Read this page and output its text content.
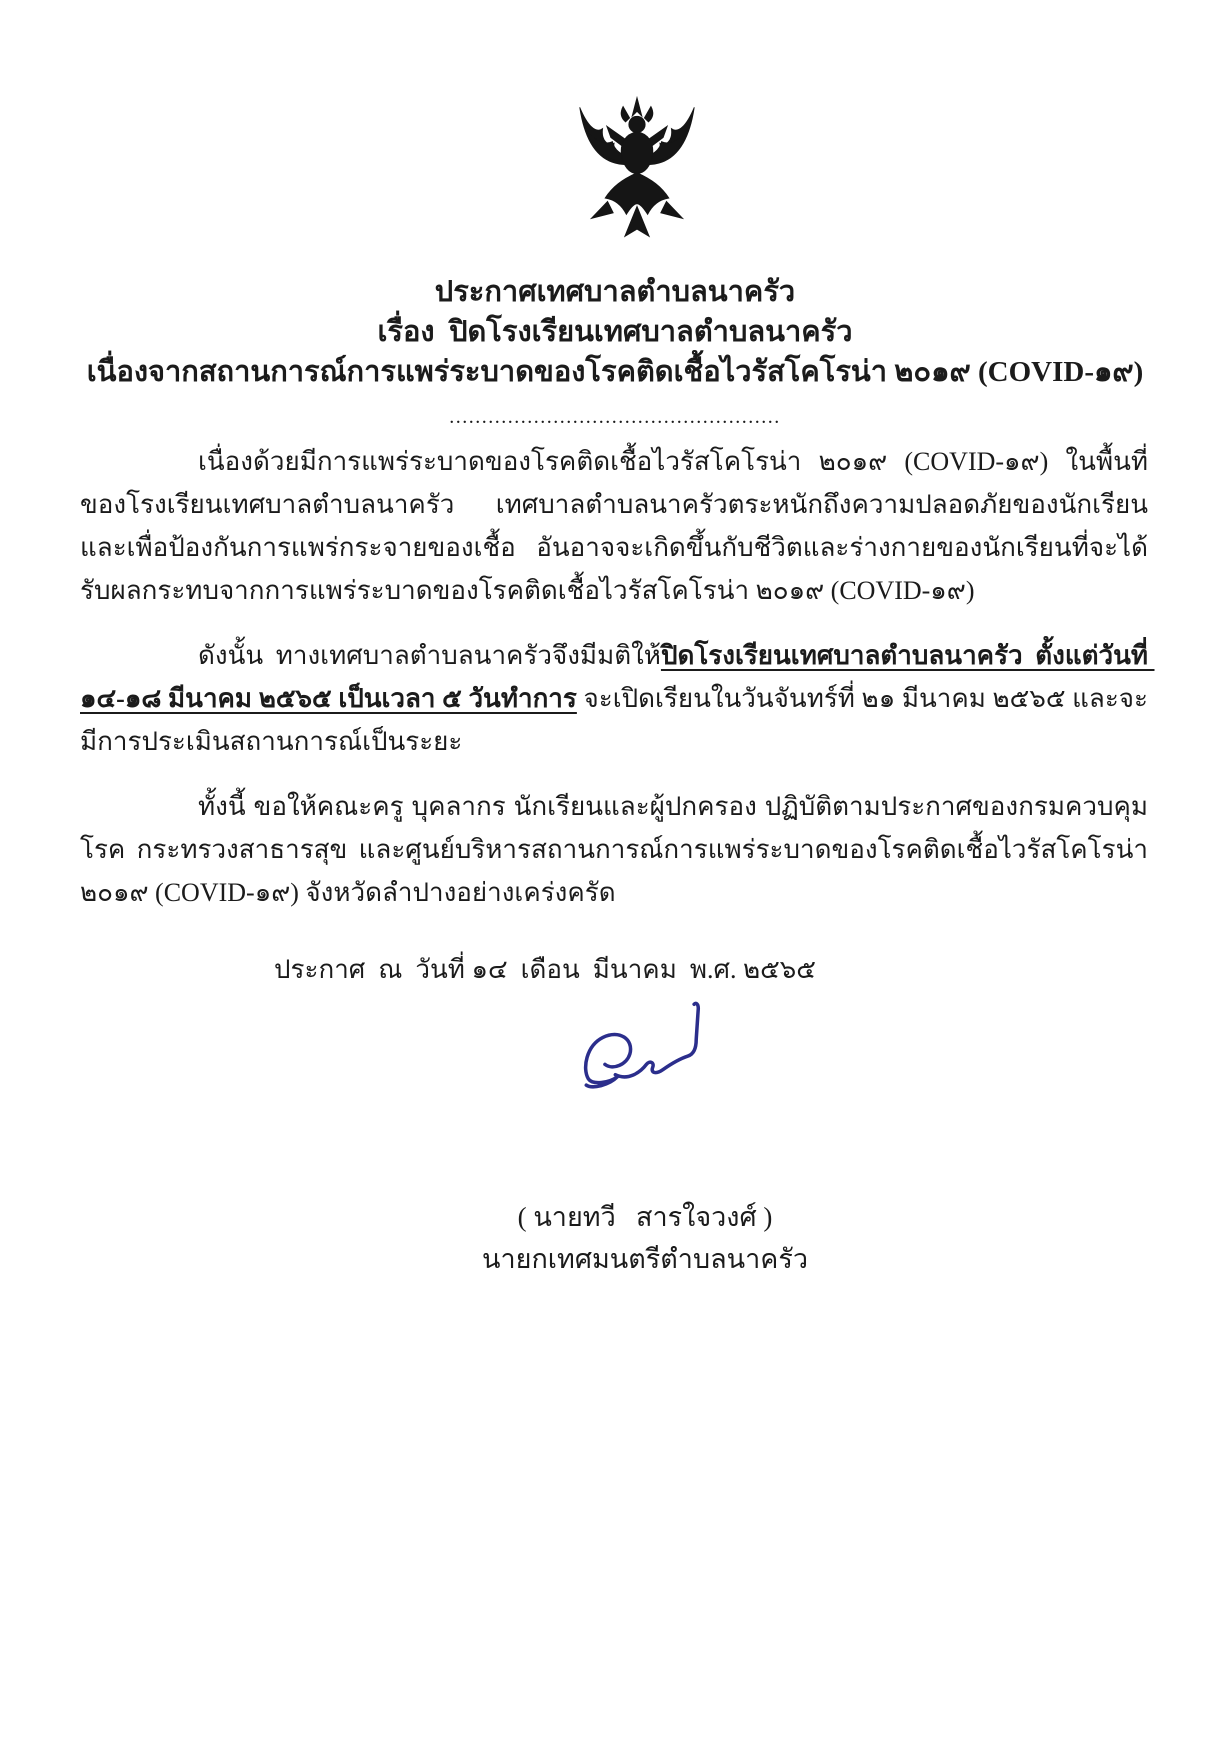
ประกาศเทศบาลตำบลนาครัว
เรื่อง  ปิดโรงเรียนเทศบาลตำบลนาครัว
เนื่องจากสถานการณ์การแพร่ระบาดของโรคติดเชื้อไวรัสโคโรน่า ๒๐๑๙ (COVID-๑๙)
...................................................
เนื่องด้วยมีการแพร่ระบาดของโรคติดเชื้อไวรัสโคโรน่า ๒๐๑๙ (COVID-๑๙) ในพื้นที่ของโรงเรียนเทศบาลตำบลนาครัว เทศบาลตำบลนาครัวตระหนักถึงความปลอดภัยของนักเรียนและเพื่อป้องกันการแพร่กระจายของเชื้อ อันอาจจะเกิดขึ้นกับชีวิตและร่างกายของนักเรียนที่จะได้รับผลกระทบจากการแพร่ระบาดของโรคติดเชื้อไวรัสโคโรน่า ๒๐๑๙ (COVID-๑๙)
ดังนั้น ทางเทศบาลตำบลนาครัวจึงมีมติให้ปิดโรงเรียนเทศบาลตำบลนาครัว ตั้งแต่วันที่ ๑๔-๑๘ มีนาคม ๒๕๖๕ เป็นเวลา ๕ วันทำการ จะเปิดเรียนในวันจันทร์ที่ ๒๑ มีนาคม ๒๕๖๕ และจะมีการประเมินสถานการณ์เป็นระยะ
ทั้งนี้ ขอให้คณะครู บุคลากร นักเรียนและผู้ปกครอง ปฏิบัติตามประกาศของกรมควบคุมโรค กระทรวงสาธารสุข และศูนย์บริหารสถานการณ์การแพร่ระบาดของโรคติดเชื้อไวรัสโคโรน่า ๒๐๑๙ (COVID-๑๙) จังหวัดลำปางอย่างเคร่งครัด
ประกาศ  ณ  วันที่ ๑๔  เดือน  มีนาคม  พ.ศ. ๒๕๖๕
( นายทวี   สารใจวงศ์ )
นายกเทศมนตรีตำบลนาครัว
